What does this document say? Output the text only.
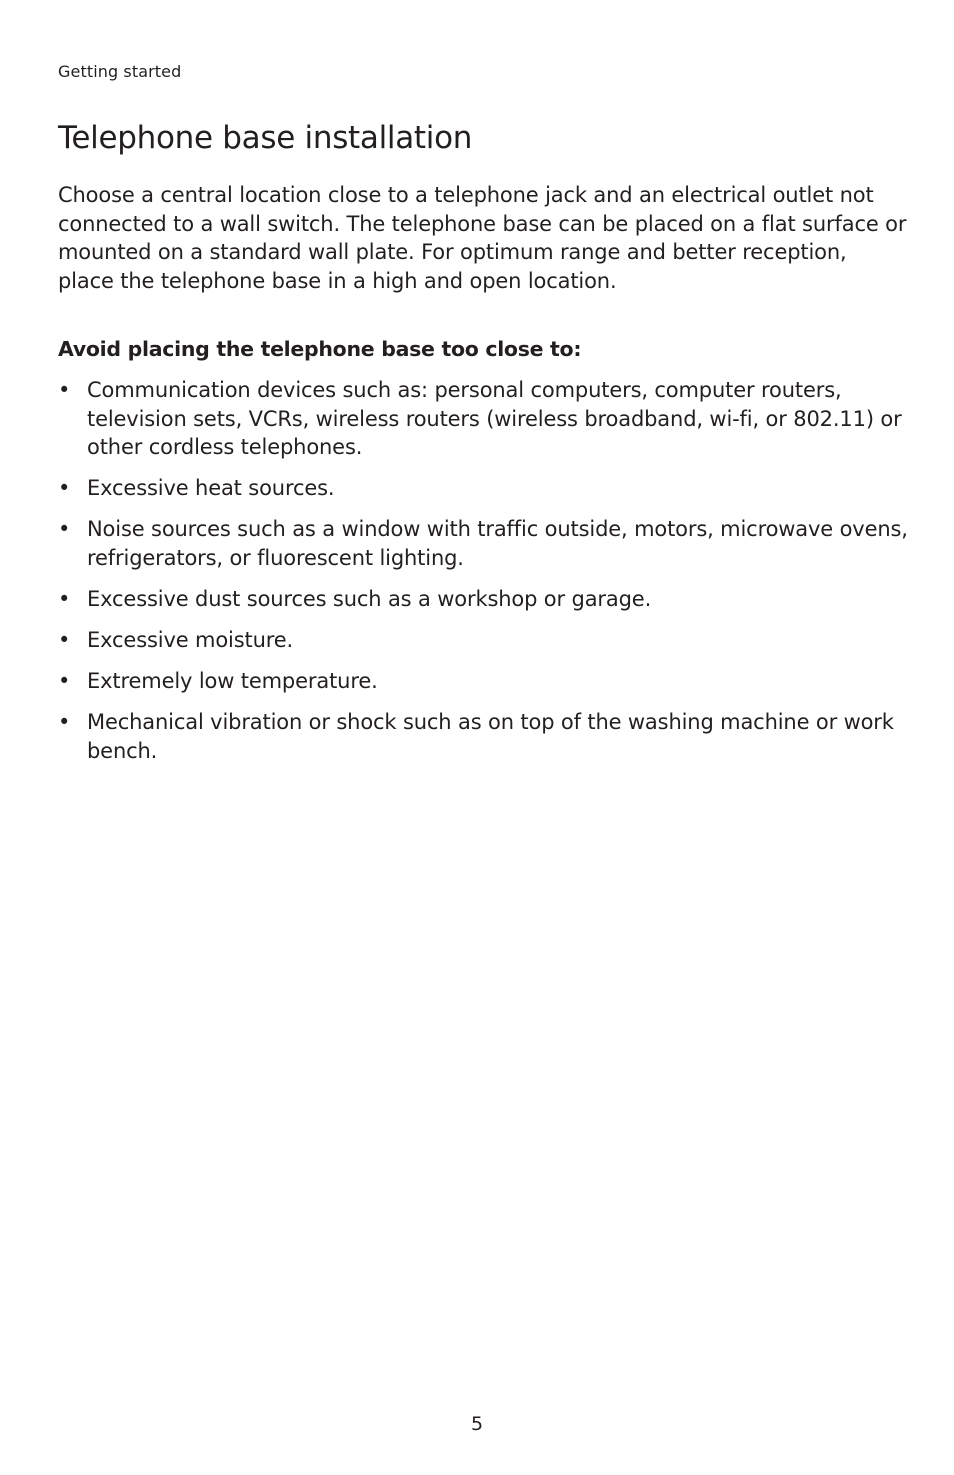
Getting started
Telephone base installation

Choose a central location close to a telephone jack and an electrical outlet not connected to a wall switch. The telephone base can be placed on a flat surface or mounted on a standard wall plate. For optimum range and better reception, place the telephone base in a high and open location.

Avoid placing the telephone base too close to:

• Communication devices such as: personal computers, computer routers, television sets, VCRs, wireless routers (wireless broadband, wi-fi, or 802.11) or other cordless telephones.
• Excessive heat sources.
• Noise sources such as a window with traffic outside, motors, microwave ovens, refrigerators, or fluorescent lighting.
• Excessive dust sources such as a workshop or garage.
• Excessive moisture.
• Extremely low temperature.
• Mechanical vibration or shock such as on top of the washing machine or work bench.
5
